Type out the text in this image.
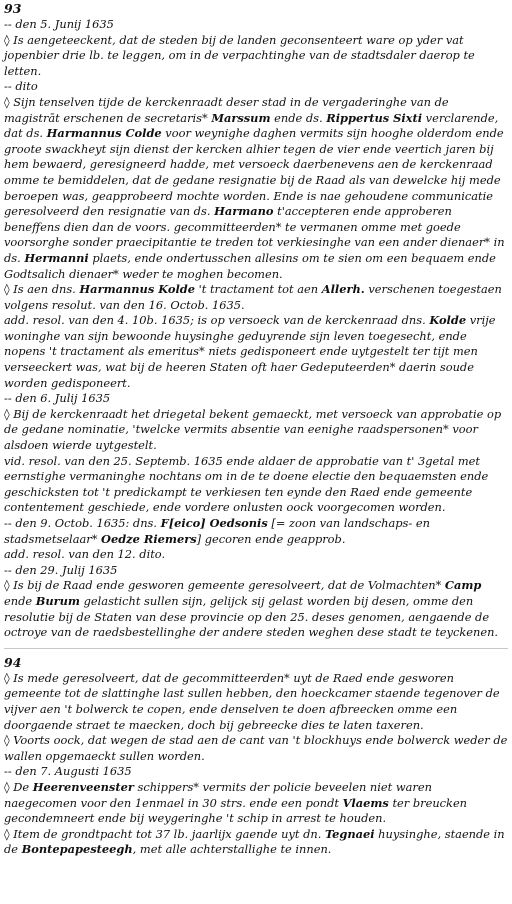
93

-- den 5. Junij 1635

◊ Is aengeteeckent, dat de steden bij de landen geconsenteert ware op yder vat jopenbier drie lb. te leggen, om in de verpachtinghe van de stadtsdaler daerop te letten.

-- dito

◊ Sijn tenselven tijde de kerckenraadt deser stad in de vergaderinghe van de magistrāt erschenen de secretaris* Marssum ende ds. Rippertus Sixti verclarende, dat ds. Harmannus Colde voor weynighe daghen vermits sijn hooghe olderdom ende groote swackheyt sijn dienst der kercken alhier tegen de vier ende veertich jaren bij hem bewaerd, geresigneerd hadde, met versoeck daerbenevens aen de kerckenraad omme te bemiddelen, dat de gedane resignatie bij de Raad als van dewelcke hij mede beroepen was, geapprobeerd mochte worden. Ende is nae gehoudene communicatie geresolveerd den resignatie van ds. Harmano t'accepteren ende approberen beneffens dien dan de voors. gecommitteerden* te vermanen omme met goede voorsorghe sonder praecipitantie te treden tot verkiesinghe van een ander dienaer* in ds. Hermanni plaets, ende ondertusschen allesins om te sien om een bequaem ende Godtsalich dienaer* weder te moghen becomen.

◊ Is aen dns. Harmannus Kolde 't tractament tot aen Allerh. verschenen toegestaen volgens resolut. van den 16. Octob. 1635.

add. resol. van den 4. 10b. 1635; is op versoeck van de kerckenraad dns. Kolde vrije woninghe van sijn bewoonde huysinghe geduyrende sijn leven toegesecht, ende nopens 't tractament als emeritus* niets gedisponeert ende uytgestelt ter tijt men verseeckert was, wat bij de heeren Staten oft haer Gedeputeerden* daerin soude worden gedisponeert.

-- den 6. Julij 1635

◊ Bij de kerckenraadt het driegetal bekent gemaeckt, met versoeck van approbatie op de gedane nominatie, 'twelcke vermits absentie van eenighe raadspersonen* voor alsdoen wierde uytgestelt.

vid. resol. van den 25. Septemb. 1635 ende aldaer de approbatie van t' 3getal met eernstighe vermaninghe nochtans om in de te doene electie den bequaemsten ende geschicksten tot 't predickampt te verkiesen ten eynde den Raed ende gemeente contentement geschiede, ende vordere onlusten oock voorgecomen worden.

-- den 9. Octob. 1635: dns. F[eico] Oedsonis [= zoon van landschaps- en stadsmetselaar* Oedze Riemers] gecoren ende geapprob.

add. resol. van den 12. dito.

-- den 29. Julij 1635

◊ Is bij de Raad ende gesworen gemeente geresolveert, dat de Volmachten* Camp ende Burum gelasticht sullen sijn, gelijck sij gelast worden bij desen, omme den resolutie bij de Staten van dese provincie op den 25. deses genomen, aengaende de octroye van de raedsbestellinghe der andere steden weghen dese stadt te teyckenen.

94

◊ Is mede geresolveert, dat de gecommitteerden* uyt de Raed ende gesworen gemeente tot de slattinghe last sullen hebben, den hoeckcamer staende tegenover de vijver aen 't bolwerck te copen, ende denselven te doen afbreecken omme een doorgaende straet te maecken, doch bij gebreecke dies te laten taxeren.

◊ Voorts oock, dat wegen de stad aen de cant van 't blockhuys ende bolwerck weder de wallen opgemaeckt sullen worden.

-- den 7. Augusti 1635

◊ De Heerenveenster schippers* vermits der policie beveelen niet waren naegecomen voor den 1enmael in 30 strs. ende een pondt Vlaems ter breucken gecondemneert ende bij weygeringhe 't schip in arrest te houden.

◊ Item de grondtpacht tot 37 lb. jaarlijx gaende uyt dn. Tegnaei huysinghe, staende in de Bontepapesteegh, met alle achterstallighe te innen.
